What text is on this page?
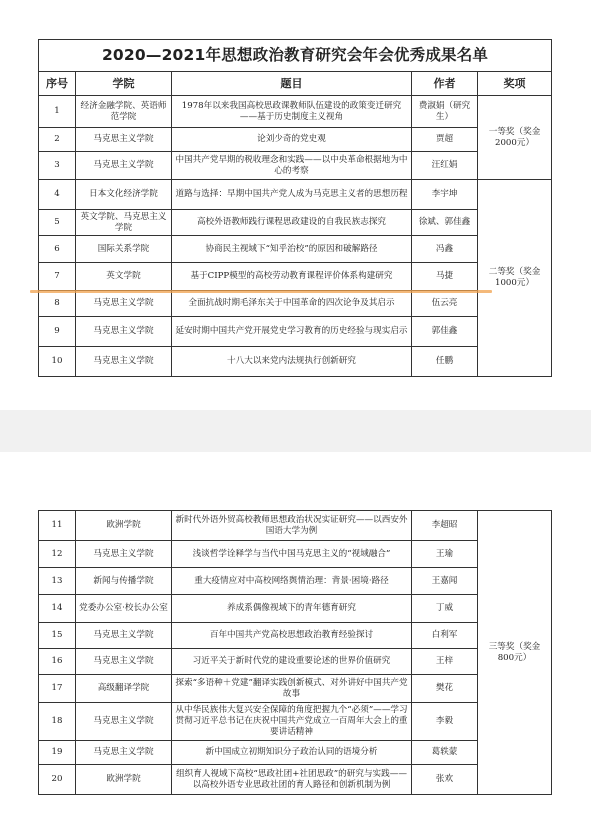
2020—2021年思想政治教育研究会年会优秀成果名单				
序号	学院	题目	作者	奖项
1	经济金融学院、英语师范学院	1978年以来我国高校思政课教师队伍建设的政策变迁研究——基于历史制度主义视角	费淑娟（研究生）	一等奖（奖金2000元）
2	马克思主义学院	论刘少奇的党史观	贾超	
3	马克思主义学院	中国共产党早期的税收理念和实践——以中央革命根据地为中心的考察	汪红娟	
4	日本文化经济学院	道路与选择：早期中国共产党人成为马克思主义者的思想历程	李宇坤	二等奖（奖金1000元）
5	英文学院、马克思主义学院	高校外语教师践行课程思政建设的自我民族志探究	徐斌、郭佳鑫	
6	国际关系学院	协商民主视域下“知乎治校”的原因和破解路径	冯鑫	
7	英文学院	基于CIPP模型的高校劳动教育课程评价体系构建研究	马捷	
8	马克思主义学院	全面抗战时期毛泽东关于中国革命的四次论争及其启示	伍云亮	
9	马克思主义学院	延安时期中国共产党开展党史学习教育的历史经验与现实启示	郭佳鑫	
10	马克思主义学院	十八大以来党内法规执行创新研究	任鹏	
11	欧洲学院	新时代外语外贸高校教师思想政治状况实证研究——以西安外国语大学为例	李超昭	三等奖（奖金800元）
12	马克思主义学院	浅谈哲学诠释学与当代中国马克思主义的“视域融合”	王瑜	
13	新闻与传播学院	重大疫情应对中高校网络舆情治理：背景·困境·路径	王嘉闻	
14	党委办公室·校长办公室	养成系偶像视域下的青年德育研究	丁威	
15	马克思主义学院	百年中国共产党高校思想政治教育经验探讨	白利军	
16	马克思主义学院	习近平关于新时代党的建设重要论述的世界价值研究	王梓	
17	高级翻译学院	探索“多语种＋党建”翻译实践创新模式、对外讲好中国共产党故事	樊花	
18	马克思主义学院	从中华民族伟大复兴安全保障的角度把握九个“必须”——学习贯彻习近平总书记在庆祝中国共产党成立一百周年大会上的重要讲话精神	李毅	
19	马克思主义学院	新中国成立初期知识分子政治认同的语境分析	葛轶蒙	
20	欧洲学院	组织育人视域下高校“思政社团+社团思政”的研究与实践——以高校外语专业思政社团的育人路径和创新机制为例	张欢	
